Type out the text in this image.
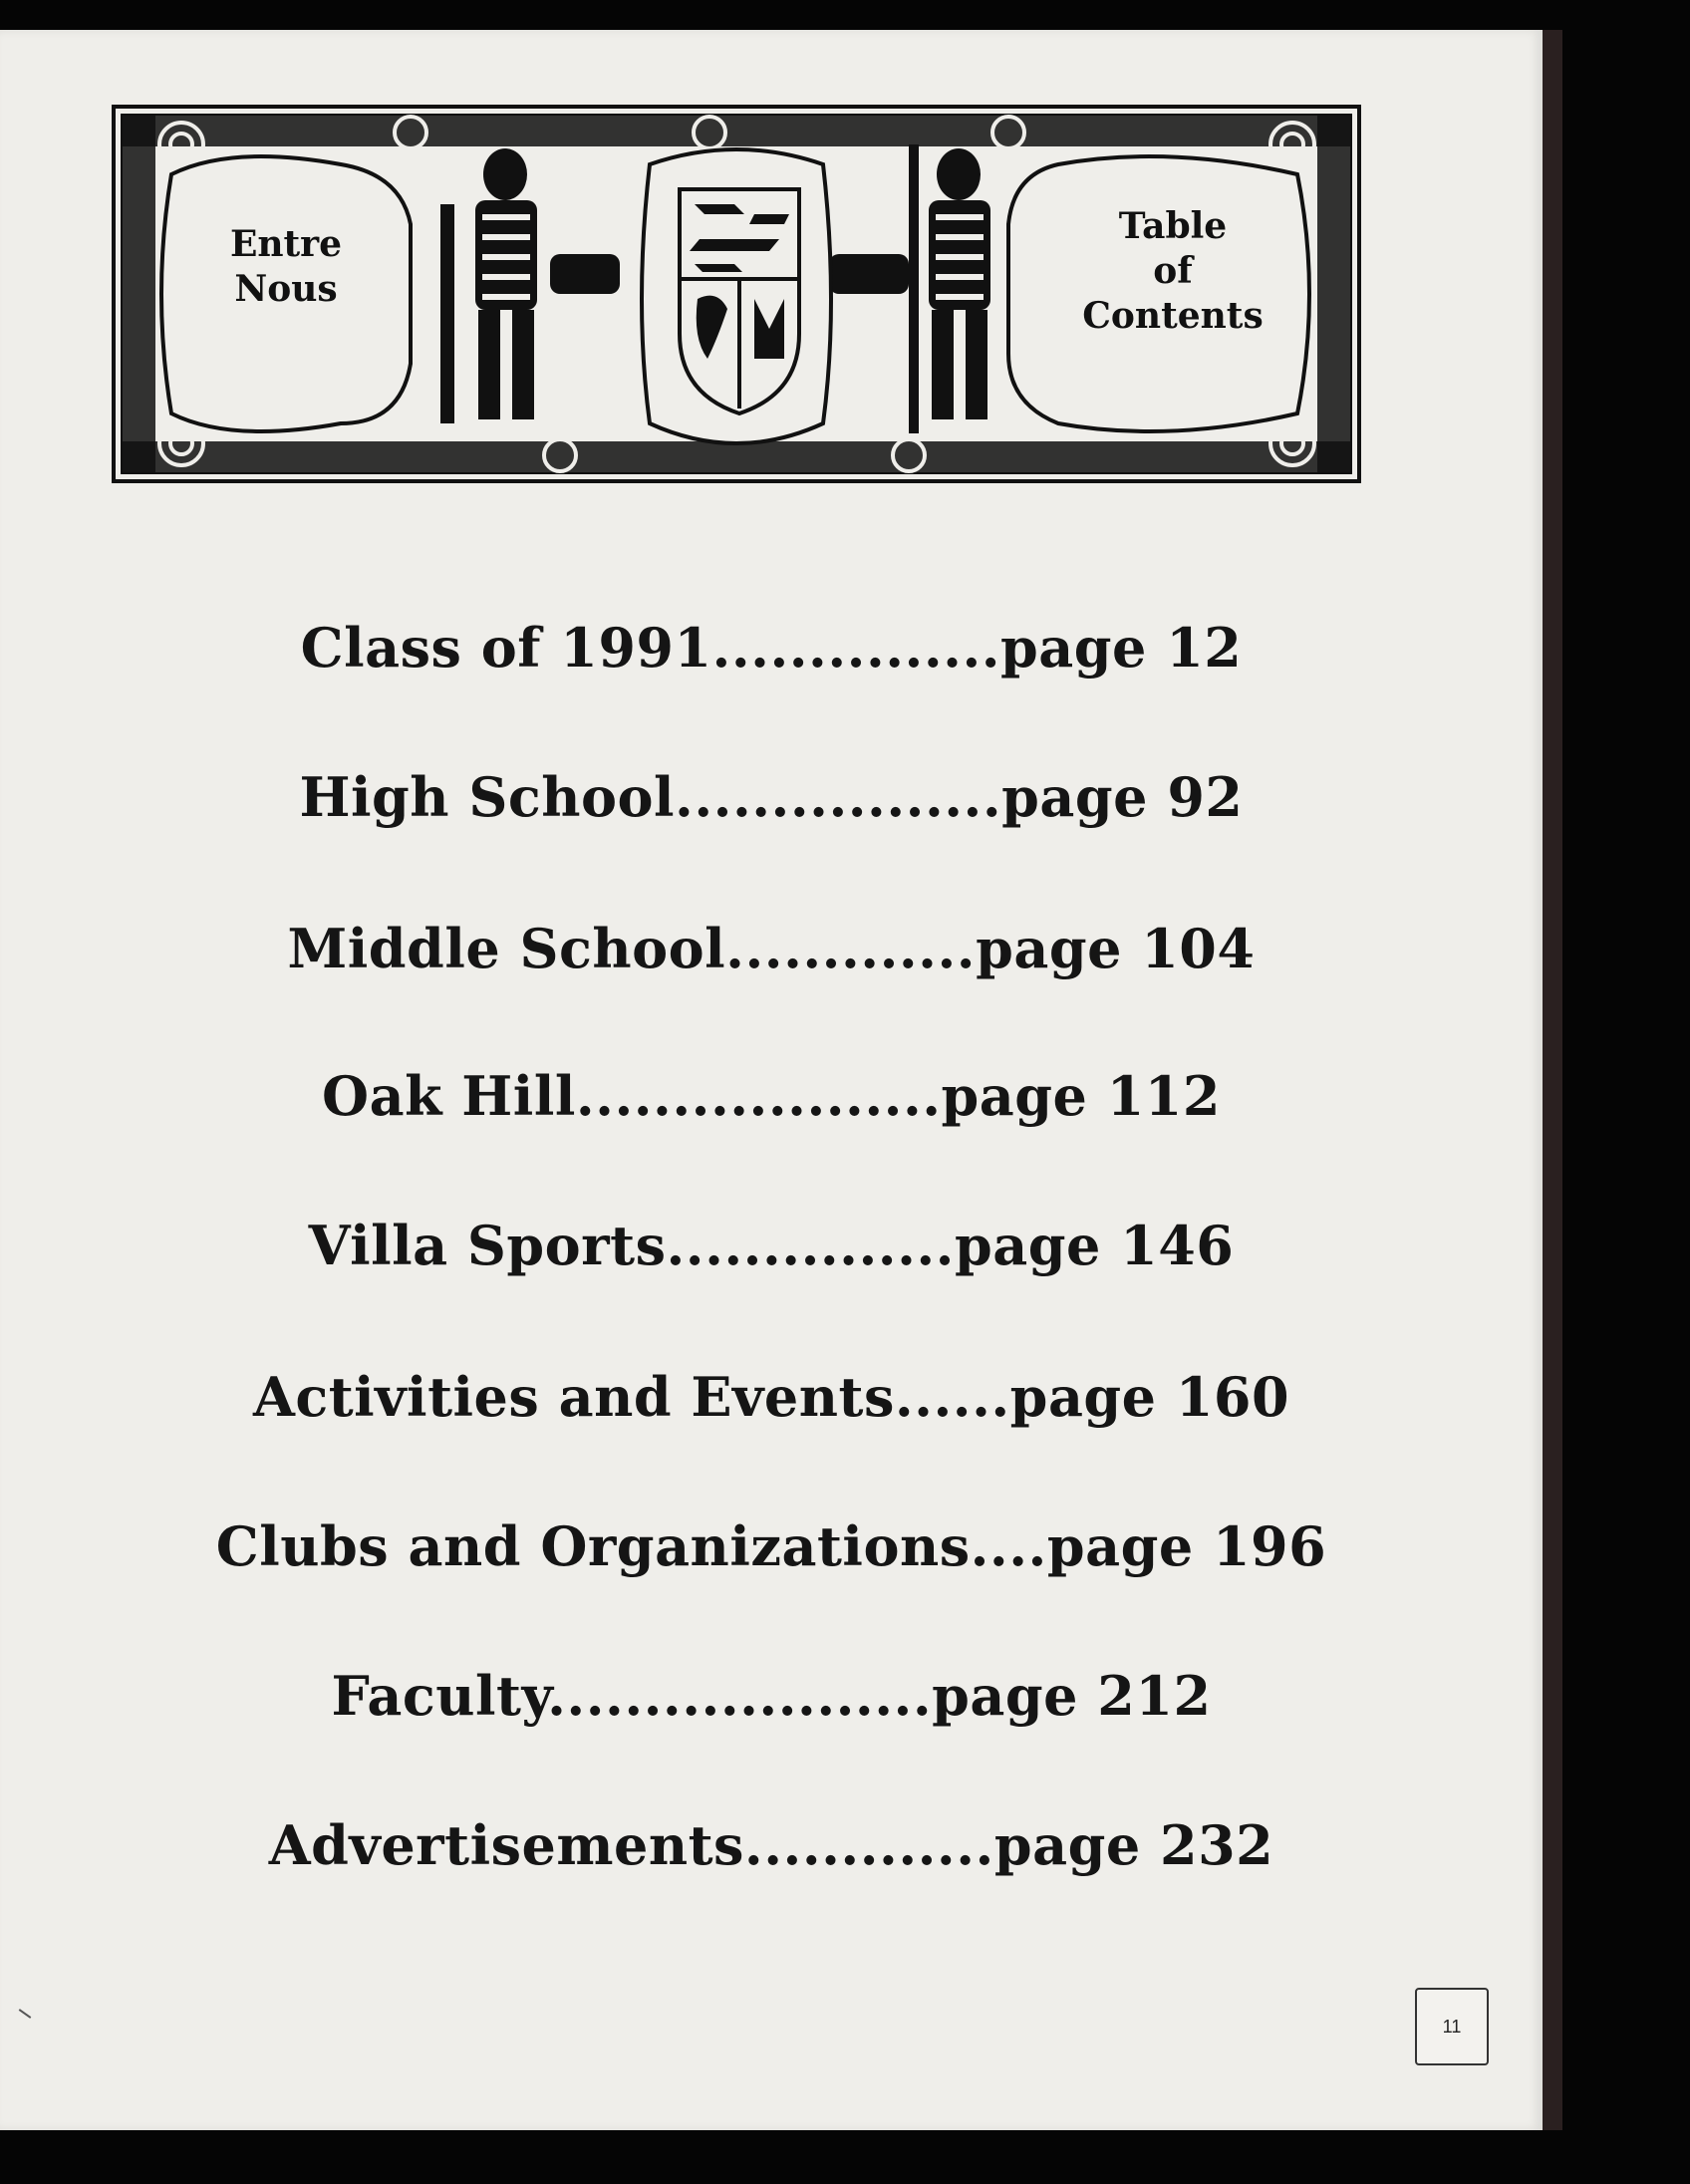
Entre
Nous
Table
of
Contents
Class of 1991...............page 12
High School.................page 92
Middle School.............page 104
Oak Hill...................page 112
Villa Sports...............page 146
Activities and Events......page 160
Clubs and Organizations....page 196
Faculty....................page 212
Advertisements.............page 232
11
